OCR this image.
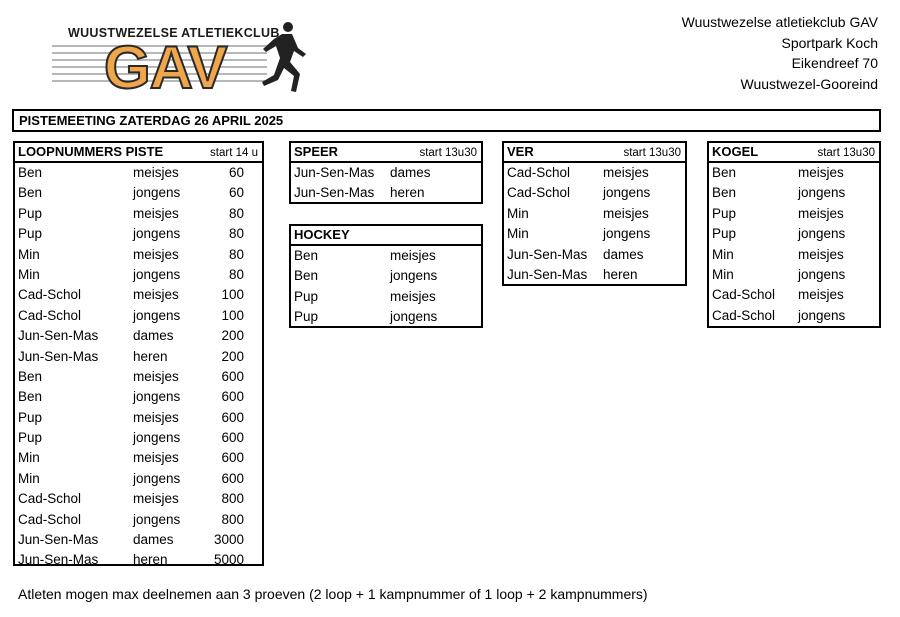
WUUSTWEZELSE ATLETIEKCLUB
GAV
Wuustwezelse atletiekclub GAV
Sportpark Koch
Eikendreef 70
Wuustwezel-Gooreind
PISTEMEETING ZATERDAG 26 APRIL 2025
LOOPNUMMERS PISTE	start 14 u
Ben	meisjes	60
Ben	jongens	60
Pup	meisjes	80
Pup	jongens	80
Min	meisjes	80
Min	jongens	80
Cad-Schol	meisjes	100
Cad-Schol	jongens	100
Jun-Sen-Mas	dames	200
Jun-Sen-Mas	heren	200
Ben	meisjes	600
Ben	jongens	600
Pup	meisjes	600
Pup	jongens	600
Min	meisjes	600
Min	jongens	600
Cad-Schol	meisjes	800
Cad-Schol	jongens	800
Jun-Sen-Mas	dames	3000
Jun-Sen-Mas	heren	5000
SPEER	start 13u30
Jun-Sen-Mas dames
Jun-Sen-Mas heren
HOCKEY
Ben	meisjes
Ben	jongens
Pup	meisjes
Pup	jongens
VER	start 13u30
Cad-Schol meisjes
Cad-Schol jongens
Min	meisjes
Min	jongens
Jun-Sen-Mas dames
Jun-Sen-Mas heren
KOGEL	start 13u30
Ben	meisjes
Ben	jongens
Pup	meisjes
Pup	jongens
Min	meisjes
Min	jongens
Cad-Schol meisjes
Cad-Schol jongens
Atleten mogen max deelnemen aan 3 proeven (2 loop + 1 kampnummer of 1 loop + 2 kampnummers)
